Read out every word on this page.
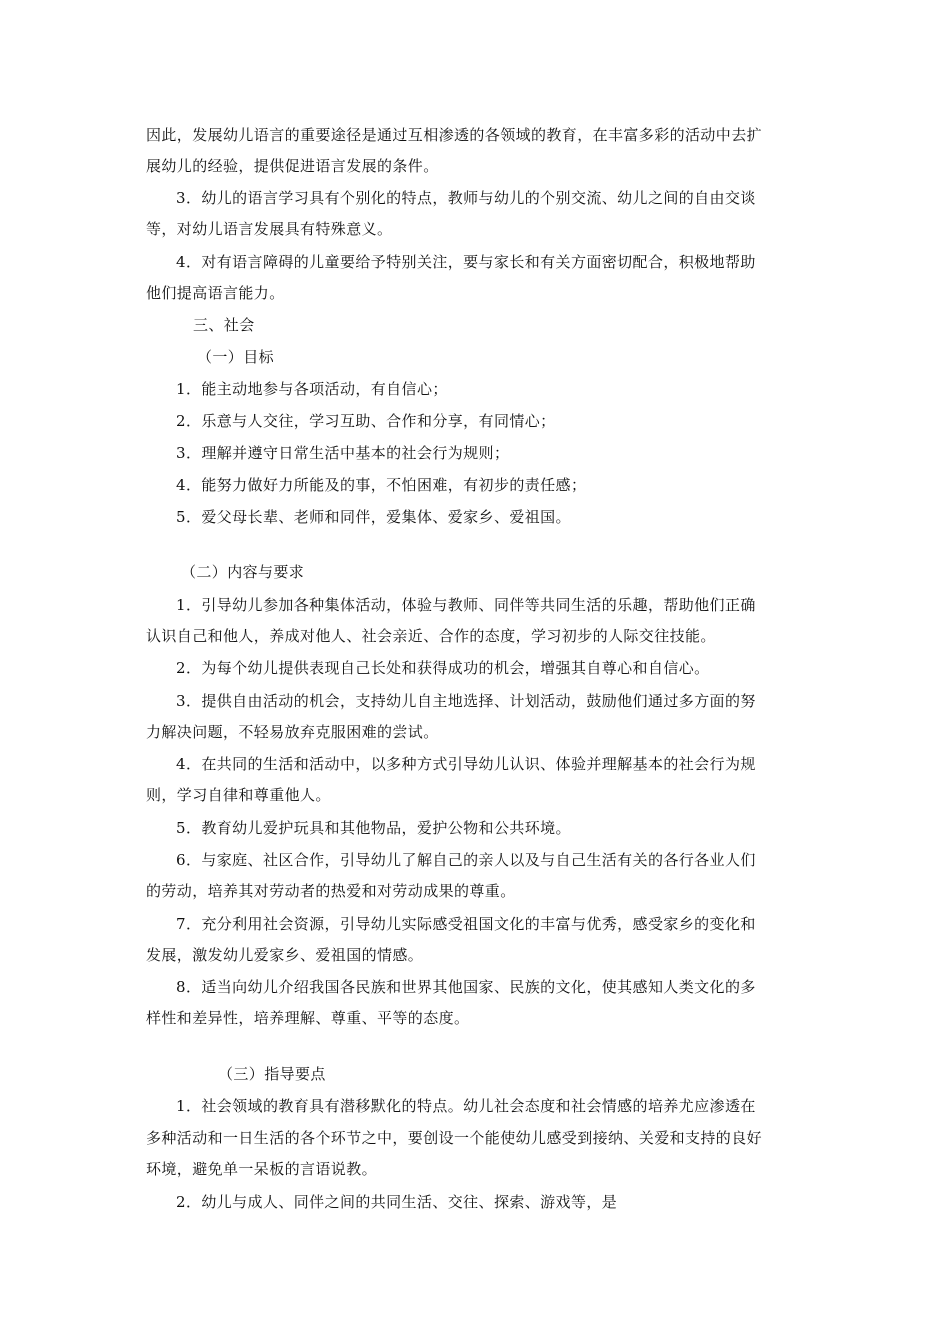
因此，发展幼儿语言的重要途径是通过互相渗透的各领域的教育，在丰富多彩的活动中去扩

展幼儿的经验，提供促进语言发展的条件。

3．幼儿的语言学习具有个别化的特点，教师与幼儿的个别交流、幼儿之间的自由交谈

等，对幼儿语言发展具有特殊意义。

4．对有语言障碍的儿童要给予特别关注，要与家长和有关方面密切配合，积极地帮助

他们提高语言能力。

三、社会

（一）目标

1．能主动地参与各项活动，有自信心；

2．乐意与人交往，学习互助、合作和分享，有同情心；

3．理解并遵守日常生活中基本的社会行为规则；

4．能努力做好力所能及的事，不怕困难，有初步的责任感；

5．爱父母长辈、老师和同伴，爱集体、爱家乡、爱祖国。

（二）内容与要求

1．引导幼儿参加各种集体活动，体验与教师、同伴等共同生活的乐趣，帮助他们正确

认识自己和他人，养成对他人、社会亲近、合作的态度，学习初步的人际交往技能。

2．为每个幼儿提供表现自己长处和获得成功的机会，增强其自尊心和自信心。

3．提供自由活动的机会，支持幼儿自主地选择、计划活动，鼓励他们通过多方面的努

力解决问题，不轻易放弃克服困难的尝试。

4．在共同的生活和活动中，以多种方式引导幼儿认识、体验并理解基本的社会行为规

则，学习自律和尊重他人。

5．教育幼儿爱护玩具和其他物品，爱护公物和公共环境。

6．与家庭、社区合作，引导幼儿了解自己的亲人以及与自己生活有关的各行各业人们

的劳动，培养其对劳动者的热爱和对劳动成果的尊重。

7．充分利用社会资源，引导幼儿实际感受祖国文化的丰富与优秀，感受家乡的变化和

发展，激发幼儿爱家乡、爱祖国的情感。

8．适当向幼儿介绍我国各民族和世界其他国家、民族的文化，使其感知人类文化的多

样性和差异性，培养理解、尊重、平等的态度。

（三）指导要点

1．社会领域的教育具有潜移默化的特点。幼儿社会态度和社会情感的培养尤应渗透在

多种活动和一日生活的各个环节之中，要创设一个能使幼儿感受到接纳、关爱和支持的良好

环境，避免单一呆板的言语说教。

2．幼儿与成人、同伴之间的共同生活、交往、探索、游戏等，是
